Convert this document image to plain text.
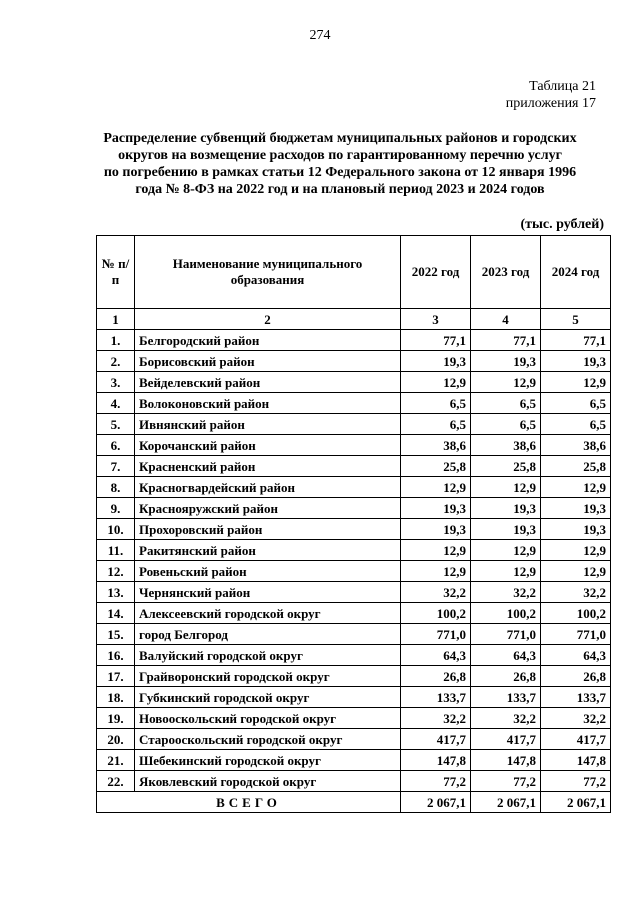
274
Таблица 21
приложения 17
Распределение субвенций бюджетам муниципальных районов и городских
округов на возмещение расходов по гарантированному перечню услуг
по погребению в рамках статьи 12 Федерального закона от 12 января 1996
года № 8-ФЗ на 2022 год и на плановый период 2023 и 2024 годов
(тыс. рублей)
№ п/п	Наименование муниципального образования	2022 год	2023 год	2024 год
1	2	3	4	5
1.	Белгородский район	77,1	77,1	77,1
2.	Борисовский район	19,3	19,3	19,3
3.	Вейделевский район	12,9	12,9	12,9
4.	Волоконовский район	6,5	6,5	6,5
5.	Ивнянский район	6,5	6,5	6,5
6.	Корочанский район	38,6	38,6	38,6
7.	Красненский район	25,8	25,8	25,8
8.	Красногвардейский район	12,9	12,9	12,9
9.	Краснояружский район	19,3	19,3	19,3
10.	Прохоровский район	19,3	19,3	19,3
11.	Ракитянский район	12,9	12,9	12,9
12.	Ровеньский район	12,9	12,9	12,9
13.	Чернянский район	32,2	32,2	32,2
14.	Алексеевский городской округ	100,2	100,2	100,2
15.	город Белгород	771,0	771,0	771,0
16.	Валуйский городской округ	64,3	64,3	64,3
17.	Грайворонский городской округ	26,8	26,8	26,8
18.	Губкинский городской округ	133,7	133,7	133,7
19.	Новооскольский городской округ	32,2	32,2	32,2
20.	Старооскольский городской округ	417,7	417,7	417,7
21.	Шебекинский городской округ	147,8	147,8	147,8
22.	Яковлевский городской округ	77,2	77,2	77,2
ВСЕГО		2 067,1	2 067,1	2 067,1
